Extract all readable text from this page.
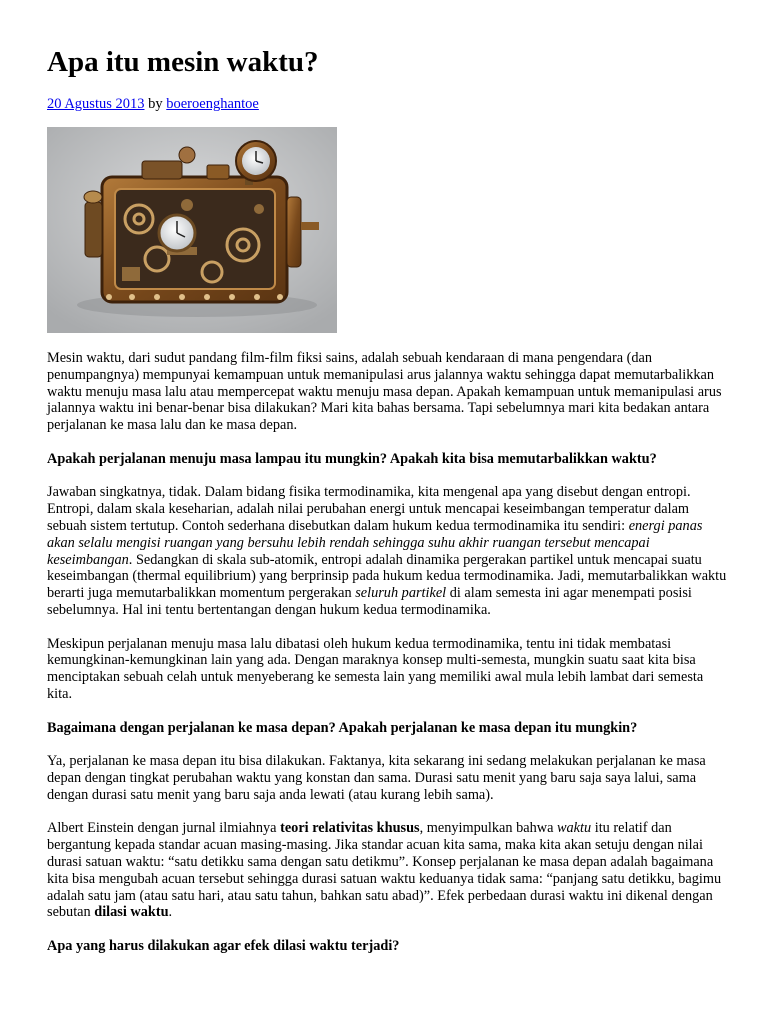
Apa itu mesin waktu?
20 Agustus 2013 by boeroenghantoe

Mesin waktu, dari sudut pandang film-film fiksi sains, adalah sebuah kendaraan di mana pengendara (dan penumpangnya) mempunyai kemampuan untuk memanipulasi arus jalannya waktu sehingga dapat memutarbalikkan waktu menuju masa lalu atau mempercepat waktu menuju masa depan. Apakah kemampuan untuk memanipulasi arus jalannya waktu ini benar-benar bisa dilakukan? Mari kita bahas bersama. Tapi sebelumnya mari kita bedakan antara perjalanan ke masa lalu dan ke masa depan.

Apakah perjalanan menuju masa lampau itu mungkin? Apakah kita bisa memutarbalikkan waktu?

Jawaban singkatnya, tidak. Dalam bidang fisika termodinamika, kita mengenal apa yang disebut dengan entropi. Entropi, dalam skala keseharian, adalah nilai perubahan energi untuk mencapai keseimbangan temperatur dalam sebuah sistem tertutup. Contoh sederhana disebutkan dalam hukum kedua termodinamika itu sendiri: energi panas akan selalu mengisi ruangan yang bersuhu lebih rendah sehingga suhu akhir ruangan tersebut mencapai keseimbangan. Sedangkan di skala sub-atomik, entropi adalah dinamika pergerakan partikel untuk mencapai suatu keseimbangan (thermal equilibrium) yang berprinsip pada hukum kedua termodinamika. Jadi, memutarbalikkan waktu berarti juga memutarbalikkan momentum pergerakan seluruh partikel di alam semesta ini agar menempati posisi sebelumnya. Hal ini tentu bertentangan dengan hukum kedua termodinamika.

Meskipun perjalanan menuju masa lalu dibatasi oleh hukum kedua termodinamika, tentu ini tidak membatasi kemungkinan-kemungkinan lain yang ada. Dengan maraknya konsep multi-semesta, mungkin suatu saat kita bisa menciptakan sebuah celah untuk menyeberang ke semesta lain yang memiliki awal mula lebih lambat dari semesta kita.

Bagaimana dengan perjalanan ke masa depan? Apakah perjalanan ke masa depan itu mungkin?

Ya, perjalanan ke masa depan itu bisa dilakukan. Faktanya, kita sekarang ini sedang melakukan perjalanan ke masa depan dengan tingkat perubahan waktu yang konstan dan sama. Durasi satu menit yang baru saja saya lalui, sama dengan durasi satu menit yang baru saja anda lewati (atau kurang lebih sama).

Albert Einstein dengan jurnal ilmiahnya teori relativitas khusus, menyimpulkan bahwa waktu itu relatif dan bergantung kepada standar acuan masing-masing. Jika standar acuan kita sama, maka kita akan setuju dengan nilai durasi satuan waktu: “satu detikku sama dengan satu detikmu”. Konsep perjalanan ke masa depan adalah bagaimana kita bisa mengubah acuan tersebut sehingga durasi satuan waktu keduanya tidak sama: “panjang satu detikku, bagimu adalah satu jam (atau satu hari, atau satu tahun, bahkan satu abad)”. Efek perbedaan durasi waktu ini dikenal dengan sebutan dilasi waktu.

Apa yang harus dilakukan agar efek dilasi waktu terjadi?
